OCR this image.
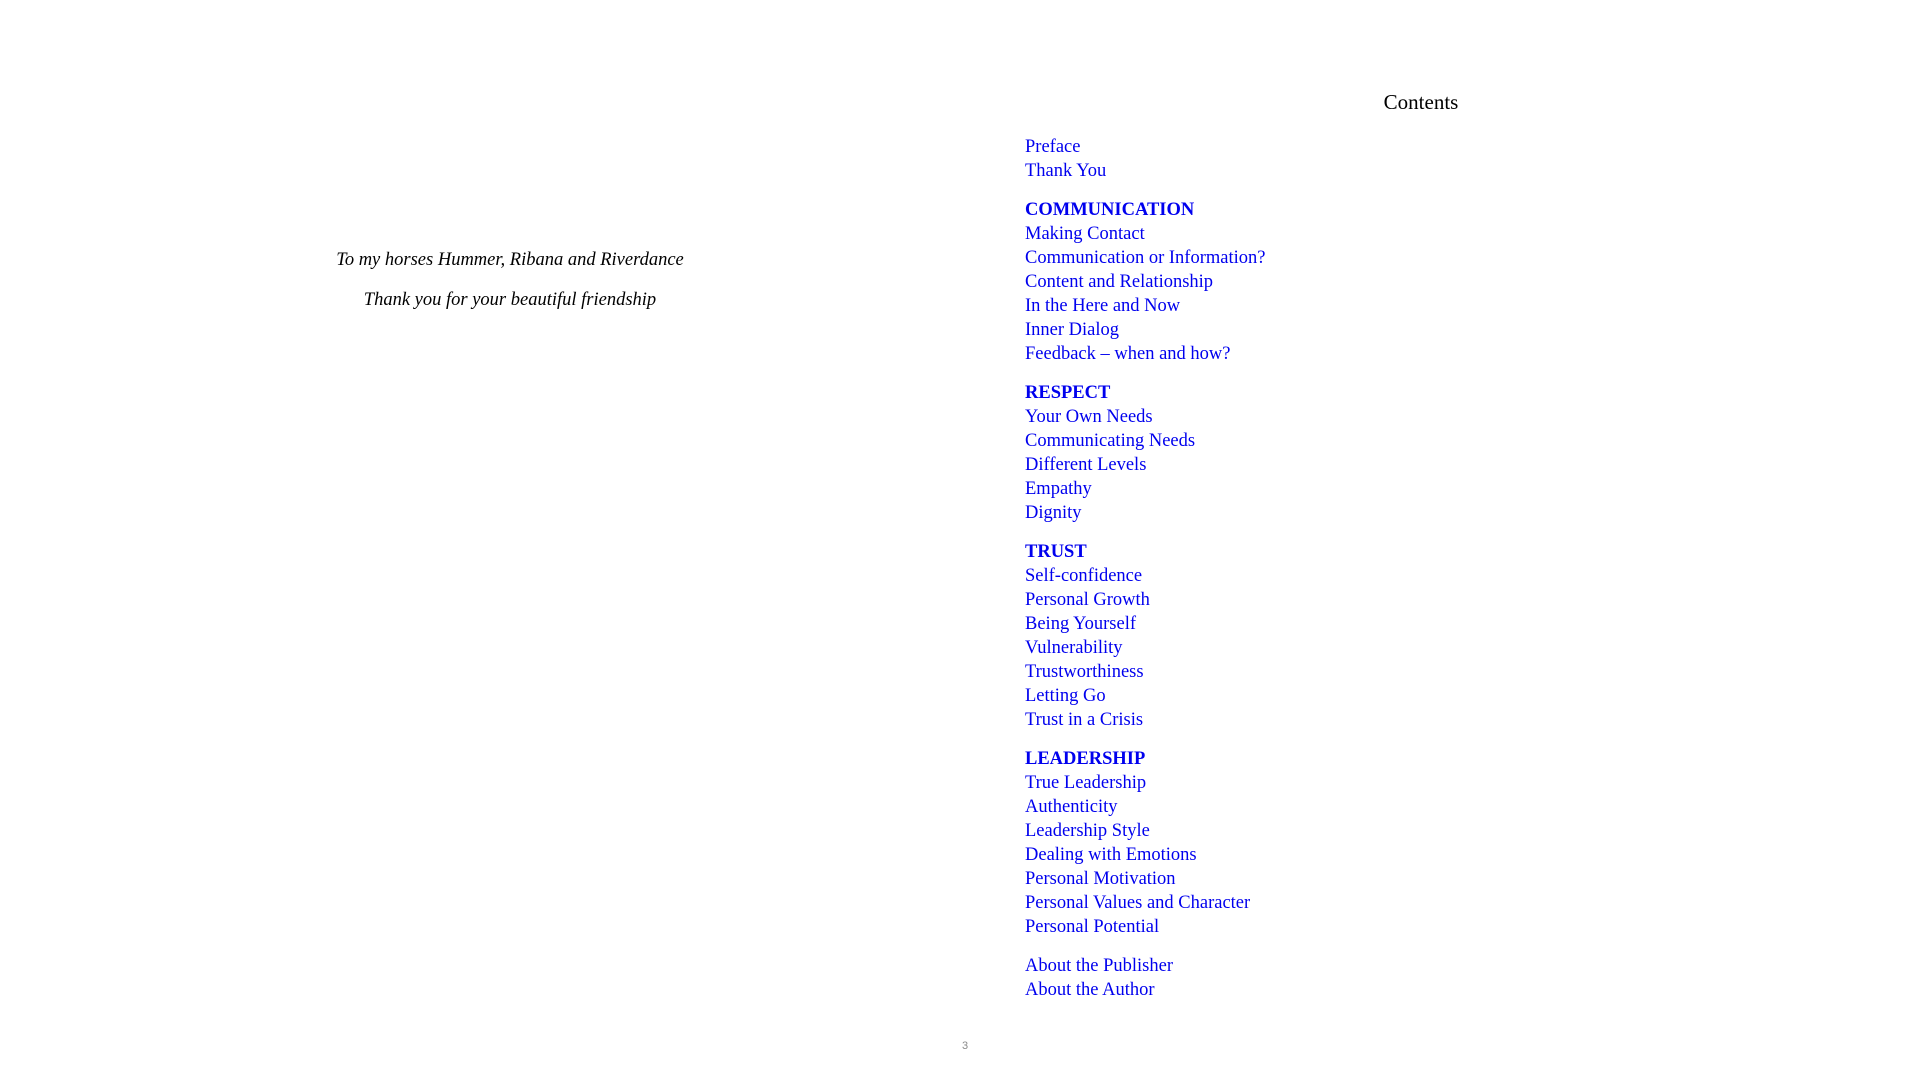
To my horses Hummer, Ribana and Riverdance
Thank you for your beautiful friendship
Contents
Preface
Thank You
COMMUNICATION
Making Contact
Communication or Information?
Content and Relationship
In the Here and Now
Inner Dialog
Feedback – when and how?
RESPECT
Your Own Needs
Communicating Needs
Different Levels
Empathy
Dignity
TRUST
Self-confidence
Personal Growth
Being Yourself
Vulnerability
Trustworthiness
Letting Go
Trust in a Crisis
LEADERSHIP
True Leadership
Authenticity
Leadership Style
Dealing with Emotions
Personal Motivation
Personal Values and Character
Personal Potential
About the Publisher
About the Author
3
